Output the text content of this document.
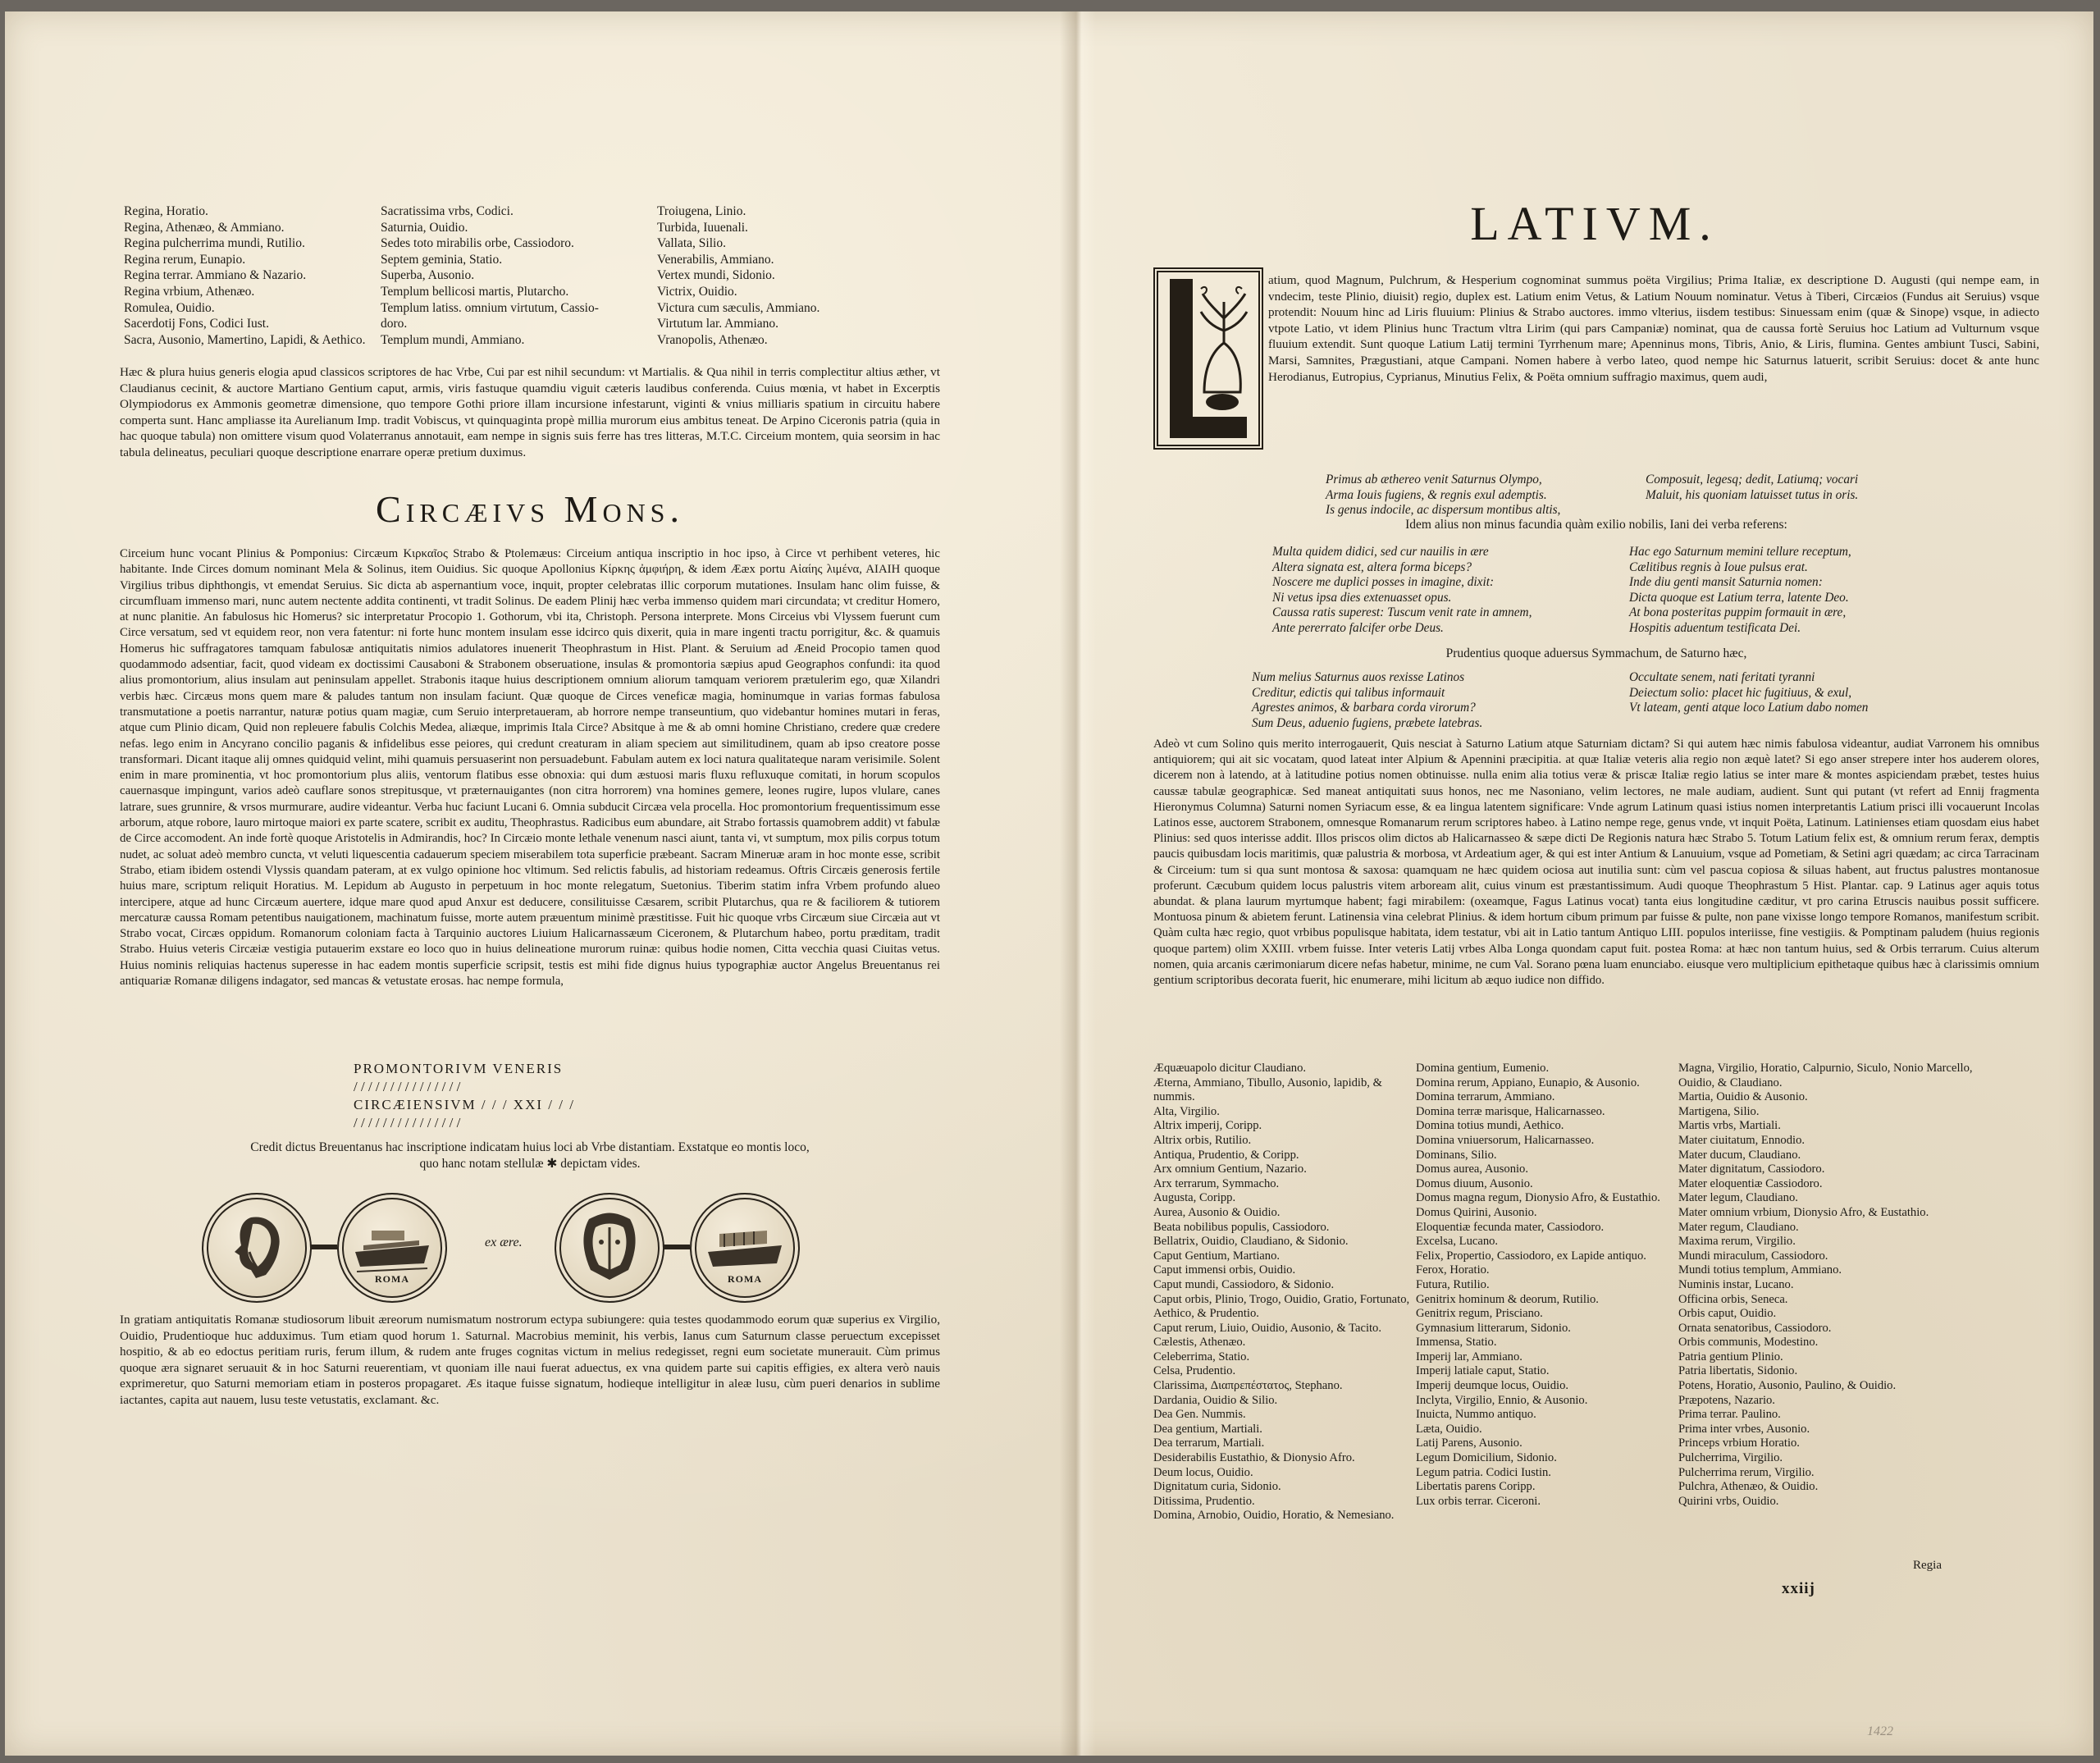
Regina, Horatio.
Regina, Athenæo, & Ammiano.
Regina pulcherrima mundi, Rutilio.
Regina rerum, Eunapio.
Regina terrar. Ammiano & Nazario.
Regina vrbium, Athenæo.
Romulea, Ouidio.
Sacerdotij Fons, Codici Iust.
Sacra, Ausonio, Mamertino, Lapidi, & Aethico.
Sacratissima vrbs, Codici.
Saturnia, Ouidio.
Sedes toto mirabilis orbe, Cassiodoro.
Septem geminia, Statio.
Superba, Ausonio.
Templum bellicosi martis, Plutarcho.
Templum latiss. omnium virtutum, Cassio-
doro.
Templum mundi, Ammiano.
Troiugena, Linio.
Turbida, Iuuenali.
Vallata, Silio.
Venerabilis, Ammiano.
Vertex mundi, Sidonio.
Victrix, Ouidio.
Victura cum sæculis, Ammiano.
Virtutum lar. Ammiano.
Vranopolis, Athenæo.

Hæc & plura huius generis elogia apud classicos scriptores de hac Vrbe, Cui par est nihil secundum: vt Martialis. & Qua nihil in terris complectitur altius æther, vt Claudianus cecinit, & auctore Martiano Gentium caput, armis, viris fastuque quamdiu viguit cæteris laudibus conferenda. Cuius mœnia, vt habet in Excerptis Olympiodorus ex Ammonis geometræ dimensione, quo tempore Gothi priore illam incursione infestarunt, viginti & vnius milliaris spatium in circuitu habere comperta sunt. Hanc ampliasse ita Aurelianum Imp. tradit Vobiscus, vt quinquaginta propè millia murorum eius ambitus teneat. De Arpino Ciceronis patria (quia in hac quoque tabula) non omittere visum quod Volaterranus annotauit, eam nempe in signis suis ferre has tres litteras, M.T.C. Circeium montem, quia seorsim in hac tabula delineatus, peculiari quoque descriptione enarrare operæ pretium duximus.

Circæivs Mons.

Circeium hunc vocant Plinius & Pomponius: Circæum Κιρκαῖος Strabo & Ptolemæus: Circeium antiqua inscriptio in hoc ipso, à Circe vt perhibent veteres, hic habitante. Inde Circes domum nominant Mela & Solinus, item Ouidius. Sic quoque Apollonius Κίρκης ἀμφιήρη, & idem Ææx portu Αἰαίης λιμένα, ΑΙΑΙΗ quoque Virgilius tribus diphthongis, vt emendat Seruius. Sic dicta ab aspernantium voce, inquit, propter celebratas illic corporum mutationes. Insulam hanc olim fuisse, & circumfluam immenso mari, nunc autem nectente addita continenti, vt tradit Solinus. De eadem Plinij hæc verba immenso quidem mari circundata; vt creditur Homero, at nunc planitie. An fabulosus hic Homerus? sic interpretatur Procopio 1. Gothorum, vbi ita, Christoph. Persona interprete. Mons Circeius vbi Vlyssem fuerunt cum Circe versatum, sed vt equidem reor, non vera fatentur: ni forte hunc montem insulam esse idcirco quis dixerit, quia in mare ingenti tractu porrigitur, &c. & quamuis Homerus hic suffragatores tamquam fabulosæ antiquitatis nimios adulatores inuenerit Theophrastum in Hist. Plant. & Seruium ad Æneid Procopio tamen quod quodammodo adsentiar, facit, quod videam ex doctissimi Causaboni & Strabonem obseruatione, insulas & promontoria sæpius apud Geographos confundi: ita quod alius promontorium, alius insulam aut peninsulam appellet. Strabonis itaque huius descriptionem omnium aliorum tamquam veriorem prætulerim ego, quæ Xilandri verbis hæc. Circæus mons quem mare & paludes tantum non insulam faciunt. Quæ quoque de Circes veneficæ magia, hominumque in varias formas fabulosa transmutatione a poetis narrantur, naturæ potius quam magiæ, cum Seruio interpretaueram, ab horrore nempe transeuntium, quo videbantur homines mutari in feras, atque cum Plinio dicam, Quid non repleuere fabulis Colchis Medea, aliæque, imprimis Itala Circe? Absitque à me & ab omni homine Christiano, credere quæ credere nefas. lego enim in Ancyrano concilio paganis & infidelibus esse peiores, qui credunt creaturam in aliam speciem aut similitudinem, quam ab ipso creatore posse transformari. Dicant itaque alij omnes quidquid velint, mihi quamuis persuaserint non persuadebunt. Fabulam autem ex loci natura qualitateque naram verisimile. Solent enim in mare prominentia, vt hoc promontorium plus aliis, ventorum flatibus esse obnoxia: qui dum æstuosi maris fluxu refluxuque comitati, in horum scopulos cauernasque impingunt, varios adeò cauflare sonos strepitusque, vt præternauigantes (non citra horrorem) vna homines gemere, leones rugire, lupos vlulare, canes latrare, sues grunnire, & vrsos murmurare, audire videantur. Verba huc faciunt Lucani 6. Omnia subducit Circæa vela procella. Hoc promontorium frequentissimum esse arborum, atque robore, lauro mirtoque maiori ex parte scatere, scribit ex auditu, Theophrastus. Radicibus eum abundare, ait Strabo fortassis quamobrem addit) vt fabulæ de Circe accomodent. An inde fortè quoque Aristotelis in Admirandis, hoc? In Circæio monte lethale venenum nasci aiunt, tanta vi, vt sumptum, mox pilis corpus totum nudet, ac soluat adeò membro cuncta, vt veluti liquescentia cadauerum speciem miserabilem tota superficie præbeant. Sacram Mineruæ aram in hoc monte esse, scribit Strabo, etiam ibidem ostendi Vlyssis quandam pateram, at ex vulgo opinione hoc vltimum. Sed relictis fabulis, ad historiam redeamus. Oftris Circæis generosis fertile huius mare, scriptum reliquit Horatius. M. Lepidum ab Augusto in perpetuum in hoc monte relegatum, Suetonius. Tiberim statim infra Vrbem profundo alueo intercipere, atque ad hunc Circæum auertere, idque mare quod apud Anxur est deducere, consilituisse Cæsarem, scribit Plutarchus, qua re & faciliorem & tutiorem mercaturæ caussa Romam petentibus nauigationem, machinatum fuisse, morte autem præuentum minimè præstitisse. Fuit hic quoque vrbs Circæum siue Circæia aut vt Strabo vocat, Circæs oppidum. Romanorum coloniam facta à Tarquinio auctores Liuium Halicarnassæum Ciceronem, & Plutarchum habeo, portu præditam, tradit Strabo. Huius veteris Circæiæ vestigia putauerim exstare eo loco quo in huius delineatione murorum ruinæ: quibus hodie nomen, Citta vecchia quasi Ciuitas vetus. Huius nominis reliquias hactenus superesse in hac eadem montis superficie scripsit, testis est mihi fide dignus huius typographiæ auctor Angelus Breuentanus rei antiquariæ Romanæ diligens indagator, sed mancas & vetustate erosas. hac nempe formula,

PROMONTORIVM VENERIS
/ / / / / / / / / / / / / / /
CIRCÆIENSIVM / / / XXI / / /
/ / / / / / / / / / / / / / /
Credit dictus Breuentanus hac inscriptione indicatam huius loci ab Vrbe distantiam. Exstatque eo montis loco,
quo hanc notam stellulæ ✱ depictam vides.
ROMA
ex ære.
ROMA

In gratiam antiquitatis Romanæ studiosorum libuit æreorum numismatum nostrorum ectypa subiungere: quia testes quodammodo eorum quæ superius ex Virgilio, Ouidio, Prudentioque huc adduximus. Tum etiam quod horum 1. Saturnal. Macrobius meminit, his verbis, Ianus cum Saturnum classe peruectum excepisset hospitio, & ab eo edoctus peritiam ruris, ferum illum, & rudem ante fruges cognitas victum in melius redegisset, regni eum societate munerauit. Cùm primus quoque æra signaret seruauit & in hoc Saturni reuerentiam, vt quoniam ille naui fuerat aduectus, ex vna quidem parte sui capitis effigies, ex altera verò nauis exprimeretur, quo Saturni memoriam etiam in posteros propagaret. Æs itaque fuisse signatum, hodieque intelligitur in aleæ lusu, cùm pueri denarios in sublime iactantes, capita aut nauem, lusu teste vetustatis, exclamant. &c.

LATIVM.

atium, quod Magnum, Pulchrum, & Hesperium cognominat summus poëta Virgilius; Prima Italiæ, ex descriptione D. Augusti (qui nempe eam, in vndecim, teste Plinio, diuisit) regio, duplex est. Latium enim Vetus, & Latium Nouum nominatur. Vetus à Tiberi, Circæios (Fundus ait Seruius) vsque protendit: Nouum hinc ad Liris fluuium: Plinius & Strabo auctores. immo vlterius, iisdem testibus: Sinuessam enim (quæ & Sinope) vsque, in adiecto vtpote Latio, vt idem Plinius hunc Tractum vltra Lirim (qui pars Campaniæ) nominat, qua de caussa fortè Seruius hoc Latium ad Vulturnum vsque fluuium extendit. Sunt quoque Latium Latij termini Tyrrhenum mare; Apenninus mons, Tibris, Anio, & Liris, flumina. Gentes ambiunt Tusci, Sabini, Marsi, Samnites, Prægustiani, atque Campani. Nomen habere à verbo lateo, quod nempe hic Saturnus latuerit, scribit Seruius: docet & ante hunc Herodianus, Eutropius, Cyprianus, Minutius Felix, & Poëta omnium suffragio maximus, quem audi,

Primus ab æthereo venit Saturnus Olympo,
Arma Iouis fugiens, & regnis exul ademptis.
Is genus indocile, ac dispersum montibus altis,
Composuit, legesq; dedit, Latiumq; vocari
Maluit, his quoniam latuisset tutus in oris.
Idem alius non minus facundia quàm exilio nobilis, Iani dei verba referens:
Multa quidem didici, sed cur nauilis in ære
Altera signata est, altera forma biceps?
Noscere me duplici posses in imagine, dixit:
Ni vetus ipsa dies extenuasset opus.
Caussa ratis superest: Tuscum venit rate in amnem,
Ante pererrato falcifer orbe Deus.
Hac ego Saturnum memini tellure receptum,
Cælitibus regnis à Ioue pulsus erat.
Inde diu genti mansit Saturnia nomen:
Dicta quoque est Latium terra, latente Deo.
At bona posteritas puppim formauit in ære,
Hospitis aduentum testificata Dei.
Prudentius quoque aduersus Symmachum, de Saturno hæc,
Num melius Saturnus auos rexisse Latinos
Creditur, edictis qui talibus informauit
Agrestes animos, & barbara corda virorum?
Sum Deus, aduenio fugiens, præbete latebras.
Occultate senem, nati feritati tyranni
Deiectum solio: placet hic fugitiuus, & exul,
Vt lateam, genti atque loco Latium dabo nomen

Adeò vt cum Solino quis merito interrogauerit, Quis nesciat à Saturno Latium atque Saturniam dictam? Si qui autem hæc nimis fabulosa videantur, audiat Varronem his omnibus antiquiorem; qui ait sic vocatam, quod lateat inter Alpium & Apennini præcipitia. at quæ Italiæ veteris alia regio non æquè latet? Si ego anser strepere inter hos auderem olores, dicerem non à latendo, at à latitudine potius nomen obtinuisse. nulla enim alia totius veræ & priscæ Italiæ regio latius se inter mare & montes aspiciendam præbet, testes huius caussæ tabulæ geographicæ. Sed maneat antiquitati suus honos, nec me Nasoniano, velim lectores, ne male audiam, audient. Sunt qui putant (vt refert ad Ennij fragmenta Hieronymus Columna) Saturni nomen Syriacum esse, & ea lingua latentem significare: Vnde agrum Latinum quasi istius nomen interpretantis Latium prisci illi vocauerunt Incolas Latinos esse, auctorem Strabonem, omnesque Romanarum rerum scriptores habeo. à Latino nempe rege, genus vnde, vt inquit Poëta, Latinum. Latinienses etiam quosdam eius habet Plinius: sed quos interisse addit. Illos priscos olim dictos ab Halicarnasseo & sæpe dicti De Regionis natura hæc Strabo 5. Totum Latium felix est, & omnium rerum ferax, demptis paucis quibusdam locis maritimis, quæ palustria & morbosa, vt Ardeatium ager, & qui est inter Antium & Lanuuium, vsque ad Pometiam, & Setini agri quædam; ac circa Tarracinam & Circeium: tum si qua sunt montosa & saxosa: quamquam ne hæc quidem ociosa aut inutilia sunt: cùm vel pascua copiosa & siluas habent, aut fructus palustres montanosue proferunt. Cæcubum quidem locus palustris vitem arboream alit, cuius vinum est præstantissimum. Audi quoque Theophrastum 5 Hist. Plantar. cap. 9 Latinus ager aquis totus abundat. & plana laurum myrtumque habent; fagi mirabilem: (oxeamque, Fagus Latinus vocat) tanta eius longitudine cæditur, vt pro carina Etruscis nauibus possit sufficere. Montuosa pinum & abietem ferunt. Latinensia vina celebrat Plinius. & idem hortum cibum primum par fuisse & pulte, non pane vixisse longo tempore Romanos, manifestum scribit. Quàm culta hæc regio, quot vrbibus populisque habitata, idem testatur, vbi ait in Latio tantum Antiquo LIII. populos interiisse, fine vestigiis. & Pomptinam paludem (huius regionis quoque partem) olim XXIII. vrbem fuisse. Inter veteris Latij vrbes Alba Longa quondam caput fuit. postea Roma: at hæc non tantum huius, sed & Orbis terrarum. Cuius alterum nomen, quia arcanis cærimoniarum dicere nefas habetur, minime, ne cum Val. Sorano pœna luam enunciabo. eiusque vero multiplicium epithetaque quibus hæc à clarissimis omnium gentium scriptoribus decorata fuerit, hic enumerare, mihi licitum ab æquo iudice non diffido.

Æquæuapolo dicitur Claudiano.
Æterna, Ammiano, Tibullo, Ausonio, lapidib, &
nummis.
Alta, Virgilio.
Altrix imperij, Coripp.
Altrix orbis, Rutilio.
Antiqua, Prudentio, & Coripp.
Arx omnium Gentium, Nazario.
Arx terrarum, Symmacho.
Augusta, Coripp.
Aurea, Ausonio & Ouidio.
Beata nobilibus populis, Cassiodoro.
Bellatrix, Ouidio, Claudiano, & Sidonio.
Caput Gentium, Martiano.
Caput immensi orbis, Ouidio.
Caput mundi, Cassiodoro, & Sidonio.
Caput orbis, Plinio, Trogo, Ouidio, Gratio, Fortunato, Aethico, & Prudentio.
Caput rerum, Liuio, Ouidio, Ausonio, & Tacito.
Cælestis, Athenæo.
Celeberrima, Statio.
Celsa, Prudentio.
Clarissima, Διαπρεπέστατος, Stephano.
Dardania, Ouidio & Silio.
Dea Gen. Nummis.
Dea gentium, Martiali.
Dea terrarum, Martiali.
Desiderabilis Eustathio, & Dionysio Afro.
Deum locus, Ouidio.
Dignitatum curia, Sidonio.
Ditissima, Prudentio.
Domina, Arnobio, Ouidio, Horatio, & Nemesiano.
Domina gentium, Eumenio.
Domina rerum, Appiano, Eunapio, & Ausonio.
Domina terrarum, Ammiano.
Domina terræ marisque, Halicarnasseo.
Domina totius mundi, Aethico.
Domina vniuersorum, Halicarnasseo.
Dominans, Silio.
Domus aurea, Ausonio.
Domus diuum, Ausonio.
Domus magna regum, Dionysio Afro, & Eustathio.
Domus Quirini, Ausonio.
Eloquentiæ fecunda mater, Cassiodoro.
Excelsa, Lucano.
Felix, Propertio, Cassiodoro, ex Lapide antiquo.
Ferox, Horatio.
Futura, Rutilio.
Genitrix hominum & deorum, Rutilio.
Genitrix regum, Prisciano.
Gymnasium litterarum, Sidonio.
Immensa, Statio.
Imperij lar, Ammiano.
Imperij latiale caput, Statio.
Imperij deumque locus, Ouidio.
Inclyta, Virgilio, Ennio, & Ausonio.
Inuicta, Nummo antiquo.
Læta, Ouidio.
Latij Parens, Ausonio.
Legum Domicilium, Sidonio.
Legum patria. Codici Iustin.
Libertatis parens Coripp.
Lux orbis terrar. Ciceroni.
Magna, Virgilio, Horatio, Calpurnio, Siculo, Nonio Marcello, Ouidio, & Claudiano.
Martia, Ouidio & Ausonio.
Martigena, Silio.
Martis vrbs, Martiali.
Mater ciuitatum, Ennodio.
Mater ducum, Claudiano.
Mater dignitatum, Cassiodoro.
Mater eloquentiæ Cassiodoro.
Mater legum, Claudiano.
Mater omnium vrbium, Dionysio Afro, & Eustathio.
Mater regum, Claudiano.
Maxima rerum, Virgilio.
Mundi miraculum, Cassiodoro.
Mundi totius templum, Ammiano.
Numinis instar, Lucano.
Officina orbis, Seneca.
Orbis caput, Ouidio.
Ornata senatoribus, Cassiodoro.
Orbis communis, Modestino.
Patria gentium Plinio.
Patria libertatis, Sidonio.
Potens, Horatio, Ausonio, Paulino, & Ouidio.
Præpotens, Nazario.
Prima terrar. Paulino.
Prima inter vrbes, Ausonio.
Princeps vrbium Horatio.
Pulcherrima, Virgilio.
Pulcherrima rerum, Virgilio.
Pulchra, Athenæo, & Ouidio.
Quirini vrbs, Ouidio.
Regia
xxiij
1422
